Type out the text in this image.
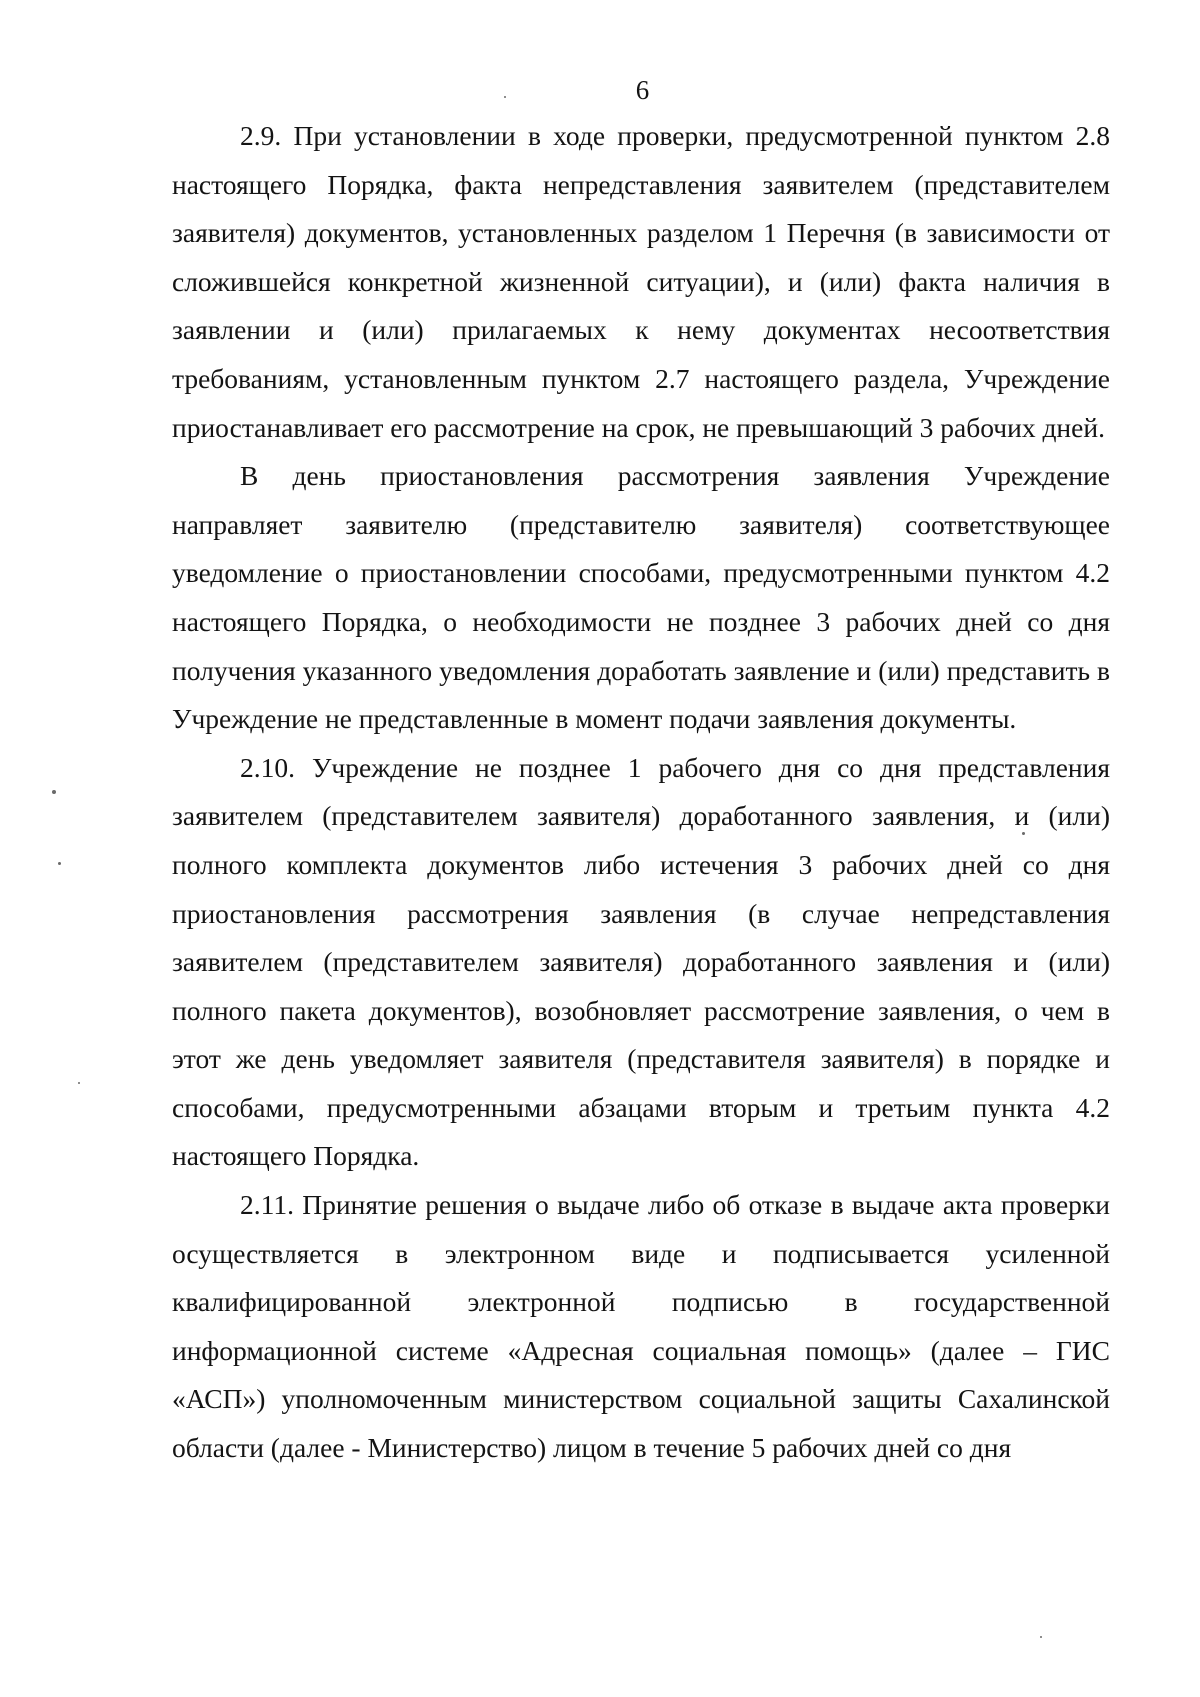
6

2.9. При установлении в ходе проверки, предусмотренной пунктом 2.8 настоящего Порядка, факта непредставления заявителем (представителем заявителя) документов, установленных разделом 1 Перечня (в зависимости от сложившейся конкретной жизненной ситуации), и (или) факта наличия в заявлении и (или) прилагаемых к нему документах несоответствия требованиям, установленным пунктом 2.7 настоящего раздела, Учреждение приостанавливает его рассмотрение на срок, не превышающий 3 рабочих дней.

В день приостановления рассмотрения заявления Учреждение направляет заявителю (представителю заявителя) соответствующее уведомление о приостановлении способами, предусмотренными пунктом 4.2 настоящего Порядка, о необходимости не позднее 3 рабочих дней со дня получения указанного уведомления доработать заявление и (или) представить в Учреждение не представленные в момент подачи заявления документы.

2.10. Учреждение не позднее 1 рабочего дня со дня представления заявителем (представителем заявителя) доработанного заявления, и (или) полного комплекта документов либо истечения 3 рабочих дней со дня приостановления рассмотрения заявления (в случае непредставления заявителем (представителем заявителя) доработанного заявления и (или) полного пакета документов), возобновляет рассмотрение заявления, о чем в этот же день уведомляет заявителя (представителя заявителя) в порядке и способами, предусмотренными абзацами вторым и третьим пункта 4.2 настоящего Порядка.

2.11. Принятие решения о выдаче либо об отказе в выдаче акта проверки осуществляется в электронном виде и подписывается усиленной квалифицированной электронной подписью в государственной информационной системе «Адресная социальная помощь» (далее – ГИС «АСП») уполномоченным министерством социальной защиты Сахалинской области (далее - Министерство) лицом в течение 5 рабочих дней со дня
